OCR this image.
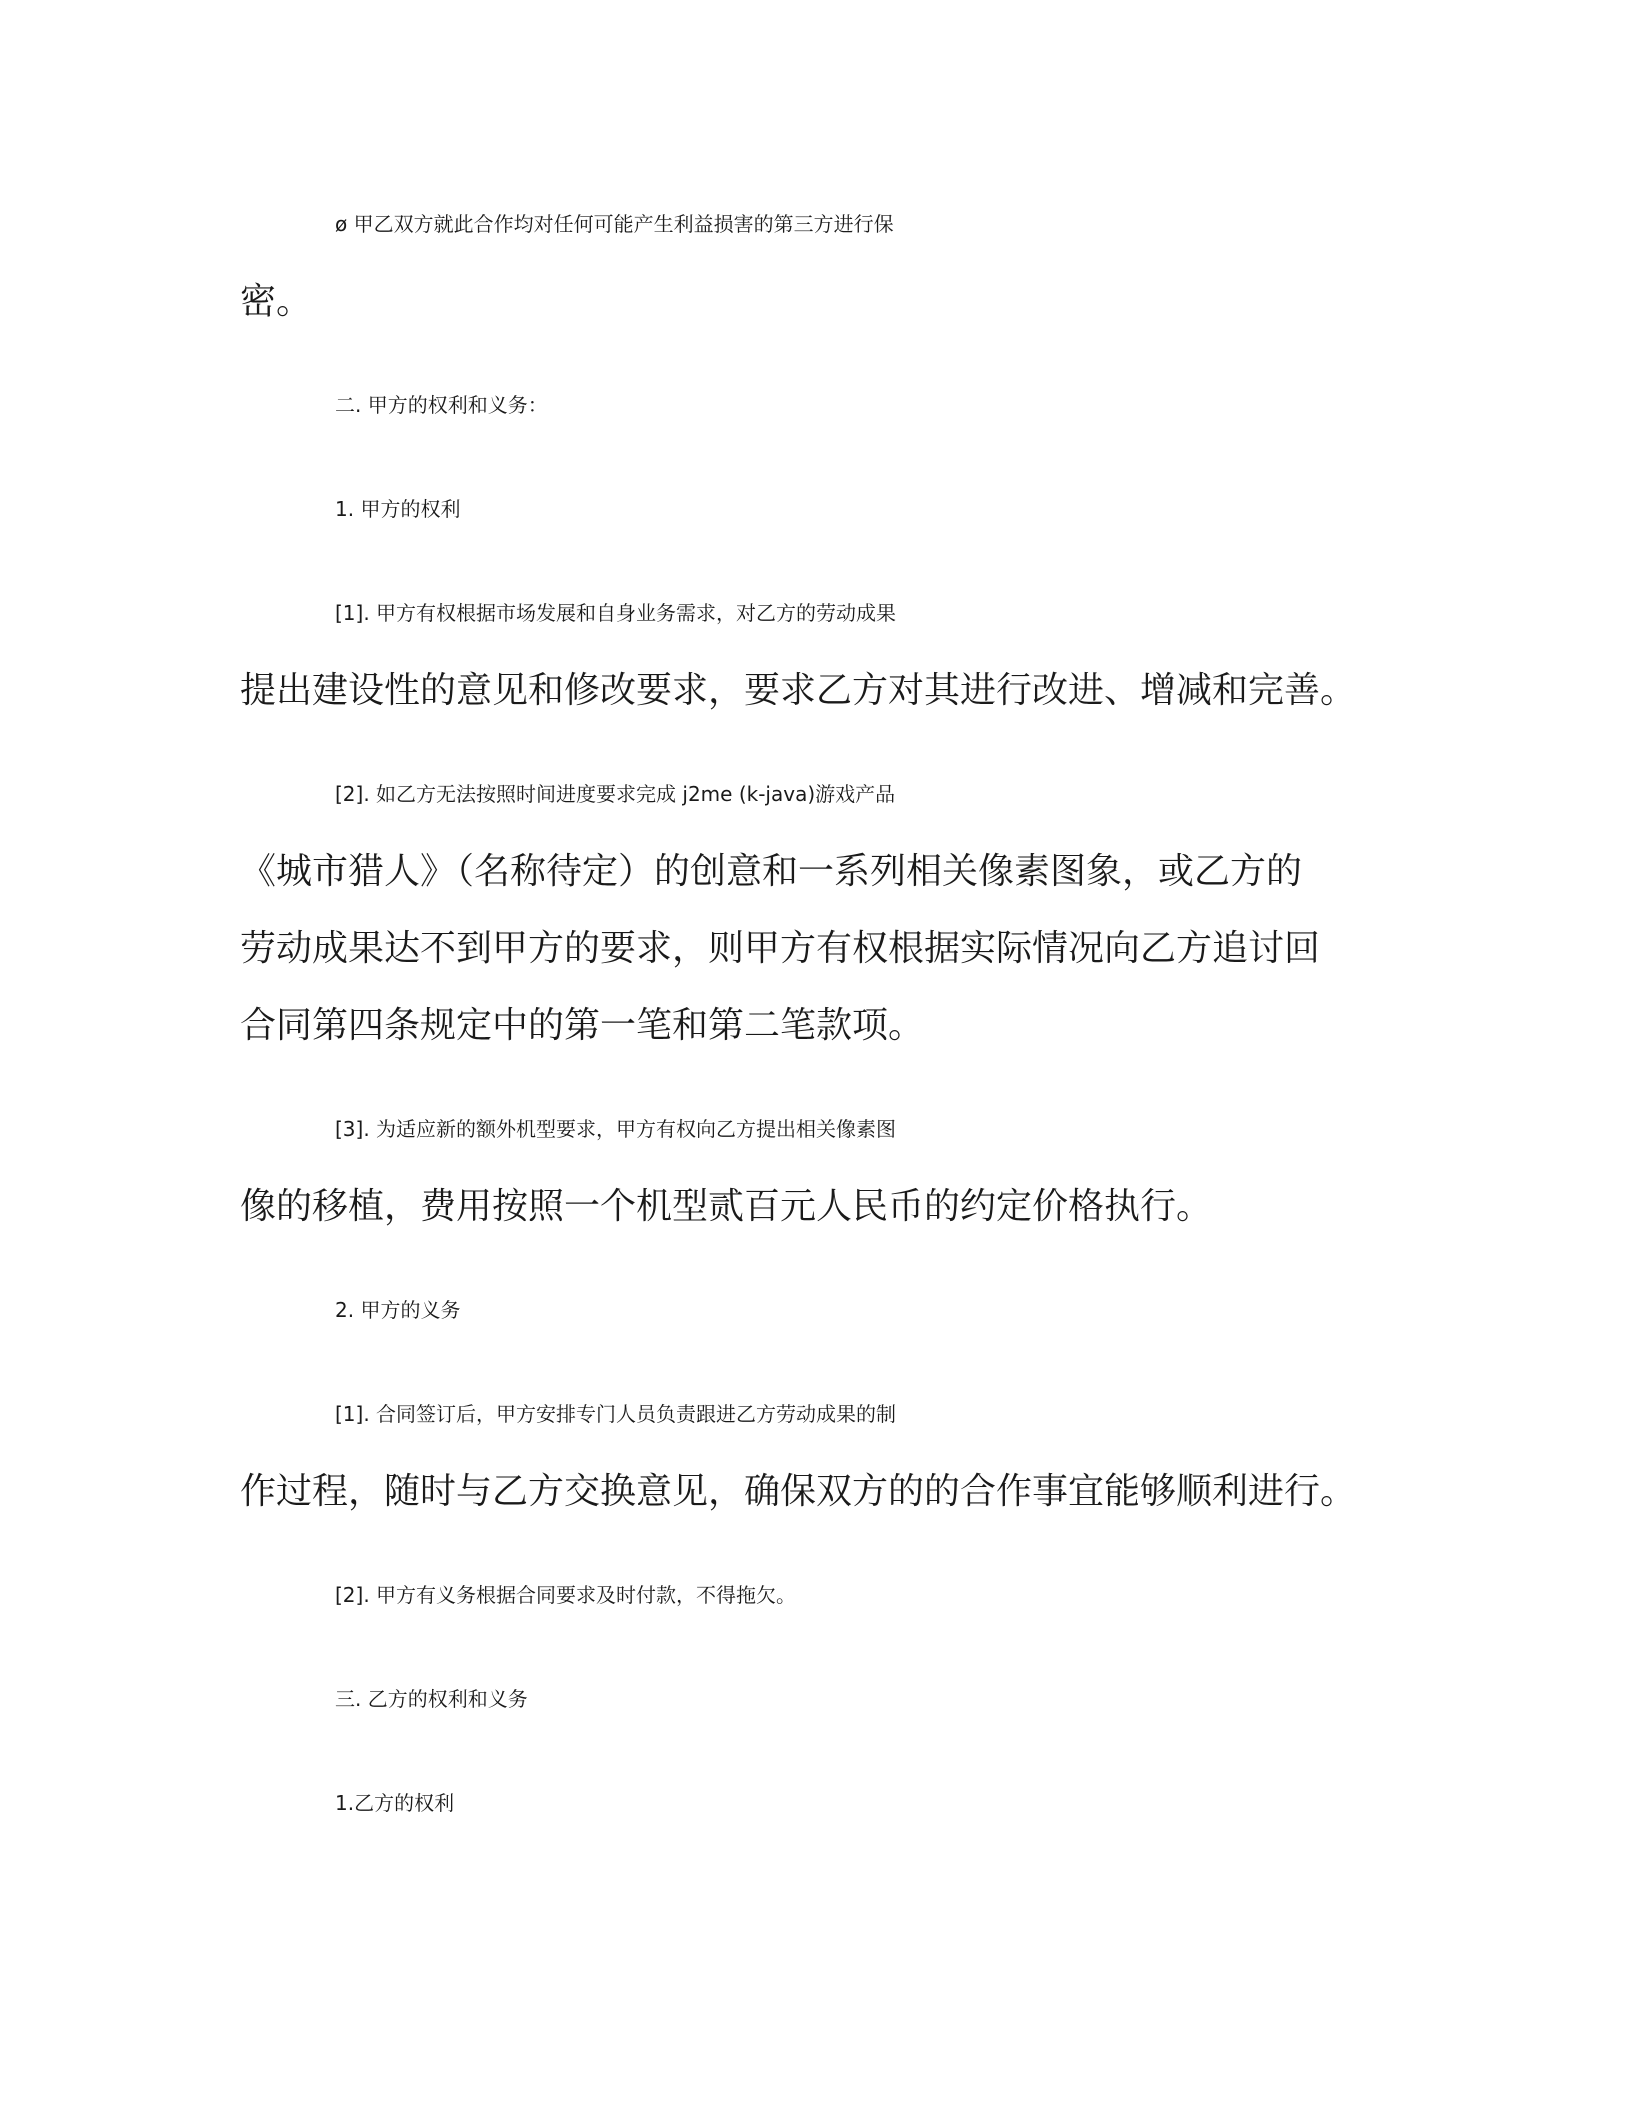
ø 甲乙双方就此合作均对任何可能产生利益损害的第三方进行保
密。

二. 甲方的权利和义务：

1. 甲方的权利

[1]. 甲方有权根据市场发展和自身业务需求，对乙方的劳动成果
提出建设性的意见和修改要求，要求乙方对其进行改进、增减和完善。

[2]. 如乙方无法按照时间进度要求完成 j2me (k-java)游戏产品
《城市猎人》（名称待定）的创意和一系列相关像素图象，或乙方的
劳动成果达不到甲方的要求，则甲方有权根据实际情况向乙方追讨回
合同第四条规定中的第一笔和第二笔款项。

[3]. 为适应新的额外机型要求，甲方有权向乙方提出相关像素图
像的移植，费用按照一个机型贰百元人民币的约定价格执行。

2. 甲方的义务

[1]. 合同签订后，甲方安排专门人员负责跟进乙方劳动成果的制
作过程，随时与乙方交换意见，确保双方的的合作事宜能够顺利进行。

[2]. 甲方有义务根据合同要求及时付款，不得拖欠。

三. 乙方的权利和义务

1.乙方的权利
